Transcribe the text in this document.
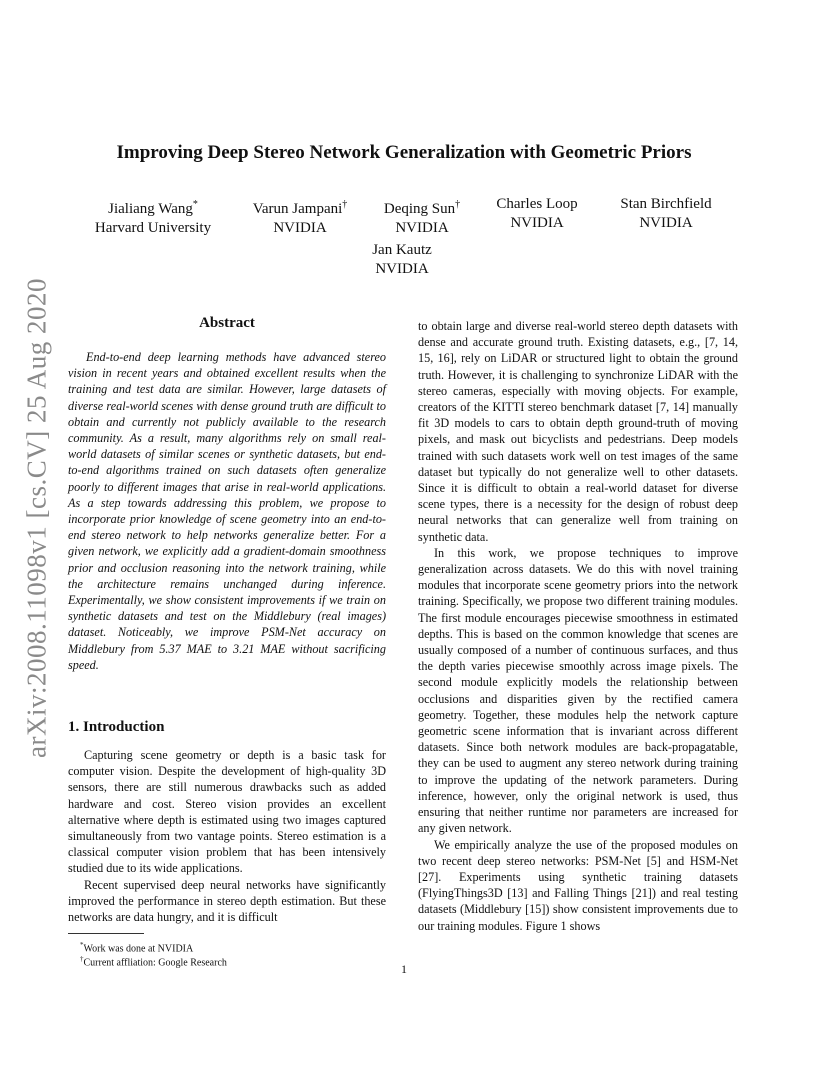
arXiv:2008.11098v1 [cs.CV] 25 Aug 2020
Improving Deep Stereo Network Generalization with Geometric Priors
Jialiang Wang*
Harvard University
Varun Jampani†
NVIDIA
Deqing Sun†
NVIDIA
Charles Loop
NVIDIA
Stan Birchfield
NVIDIA
Jan Kautz
NVIDIA
Abstract

End-to-end deep learning methods have advanced stereo vision in recent years and obtained excellent results when the training and test data are similar. However, large datasets of diverse real-world scenes with dense ground truth are difficult to obtain and currently not publicly available to the research community. As a result, many algorithms rely on small real-world datasets of similar scenes or synthetic datasets, but end-to-end algorithms trained on such datasets often generalize poorly to different images that arise in real-world applications. As a step towards addressing this problem, we propose to incorporate prior knowledge of scene geometry into an end-to-end stereo network to help networks generalize better. For a given network, we explicitly add a gradient-domain smoothness prior and occlusion reasoning into the network training, while the architecture remains unchanged during inference. Experimentally, we show consistent improvements if we train on synthetic datasets and test on the Middlebury (real images) dataset. Noticeably, we improve PSM-Net accuracy on Middlebury from 5.37 MAE to 3.21 MAE without sacrificing speed.

1. Introduction

Capturing scene geometry or depth is a basic task for computer vision. Despite the development of high-quality 3D sensors, there are still numerous drawbacks such as added hardware and cost. Stereo vision provides an excellent alternative where depth is estimated using two images captured simultaneously from two vantage points. Stereo estimation is a classical computer vision problem that has been intensively studied due to its wide applications.

Recent supervised deep neural networks have significantly improved the performance in stereo depth estimation. But these networks are data hungry, and it is difficult

*Work was done at NVIDIA
†Current affliation: Google Research

to obtain large and diverse real-world stereo depth datasets with dense and accurate ground truth. Existing datasets, e.g., [7, 14, 15, 16], rely on LiDAR or structured light to obtain the ground truth. However, it is challenging to synchronize LiDAR with the stereo cameras, especially with moving objects. For example, creators of the KITTI stereo benchmark dataset [7, 14] manually fit 3D models to cars to obtain depth ground-truth of moving pixels, and mask out bicyclists and pedestrians. Deep models trained with such datasets work well on test images of the same dataset but typically do not generalize well to other datasets. Since it is difficult to obtain a real-world dataset for diverse scene types, there is a necessity for the design of robust deep neural networks that can generalize well from training on synthetic data.

In this work, we propose techniques to improve generalization across datasets. We do this with novel training modules that incorporate scene geometry priors into the network training. Specifically, we propose two different training modules. The first module encourages piecewise smoothness in estimated depths. This is based on the common knowledge that scenes are usually composed of a number of continuous surfaces, and thus the depth varies piecewise smoothly across image pixels. The second module explicitly models the relationship between occlusions and disparities given by the rectified camera geometry. Together, these modules help the network capture geometric scene information that is invariant across different datasets. Since both network modules are back-propagatable, they can be used to augment any stereo network during training to improve the updating of the network parameters. During inference, however, only the original network is used, thus ensuring that neither runtime nor parameters are increased for any given network.

We empirically analyze the use of the proposed modules on two recent deep stereo networks: PSM-Net [5] and HSM-Net [27]. Experiments using synthetic training datasets (FlyingThings3D [13] and Falling Things [21]) and real testing datasets (Middlebury [15]) show consistent improvements due to our training modules. Figure 1 shows

1
